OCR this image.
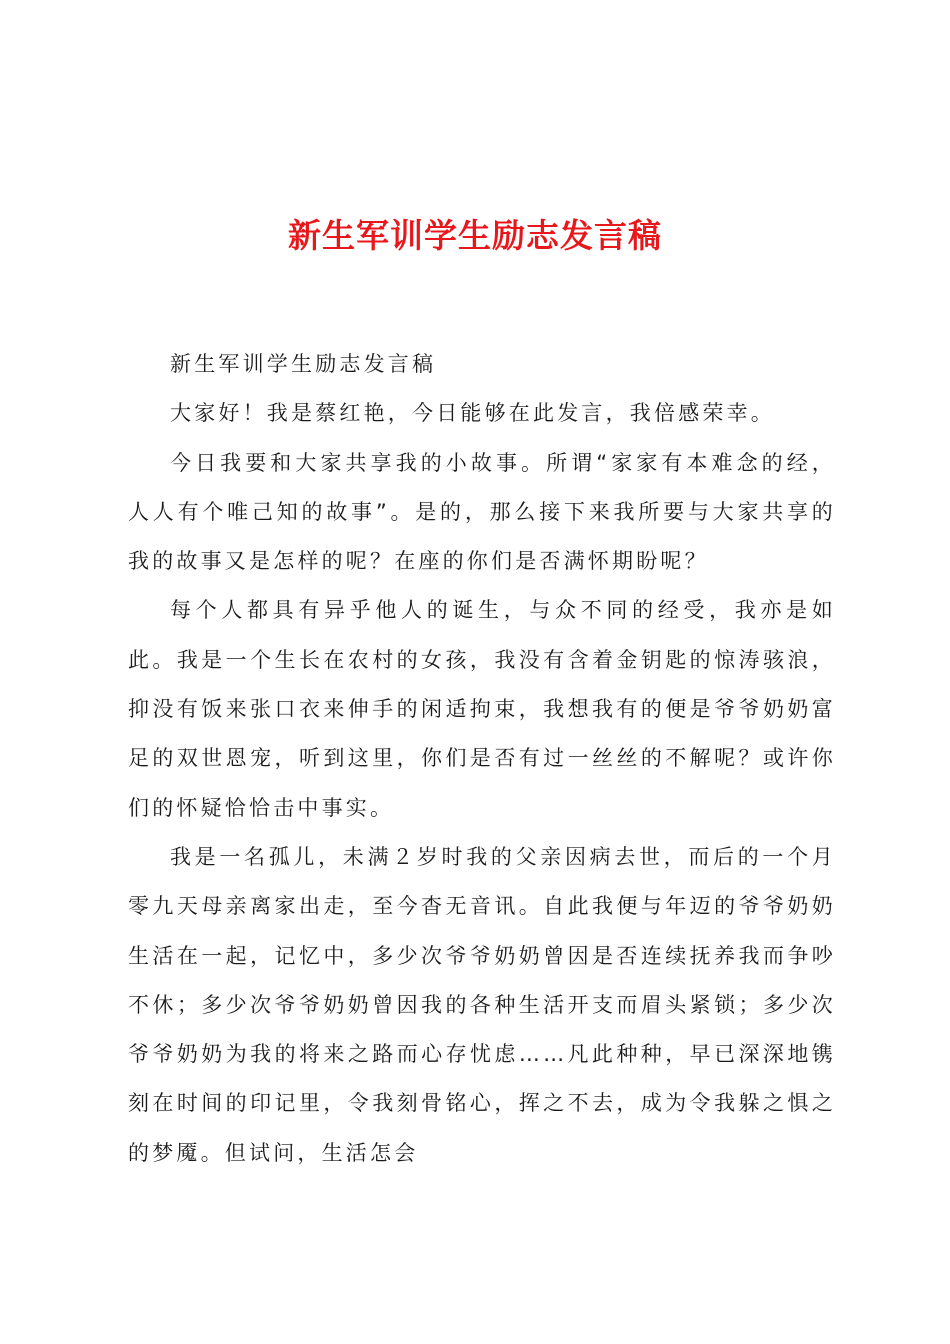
新生军训学生励志发言稿

新生军训学生励志发言稿

大家好！我是蔡红艳，今日能够在此发言，我倍感荣幸。

今日我要和大家共享我的小故事。所谓“家家有本难念的经，人人有个唯己知的故事”。是的，那么接下来我所要与大家共享的我的故事又是怎样的呢？在座的你们是否满怀期盼呢？

每个人都具有异乎他人的诞生，与众不同的经受，我亦是如此。我是一个生长在农村的女孩，我没有含着金钥匙的惊涛骇浪，抑没有饭来张口衣来伸手的闲适拘束，我想我有的便是爷爷奶奶富足的双世恩宠，听到这里，你们是否有过一丝丝的不解呢？或许你们的怀疑恰恰击中事实。

我是一名孤儿，未满２岁时我的父亲因病去世，而后的一个月零九天母亲离家出走，至今杳无音讯。自此我便与年迈的爷爷奶奶生活在一起，记忆中，多少次爷爷奶奶曾因是否连续抚养我而争吵不休；多少次爷爷奶奶曾因我的各种生活开支而眉头紧锁；多少次爷爷奶奶为我的将来之路而心存忧虑……凡此种种，早已深深地镌刻在时间的印记里，令我刻骨铭心，挥之不去，成为令我躲之惧之的梦魇。但试问，生活怎会
